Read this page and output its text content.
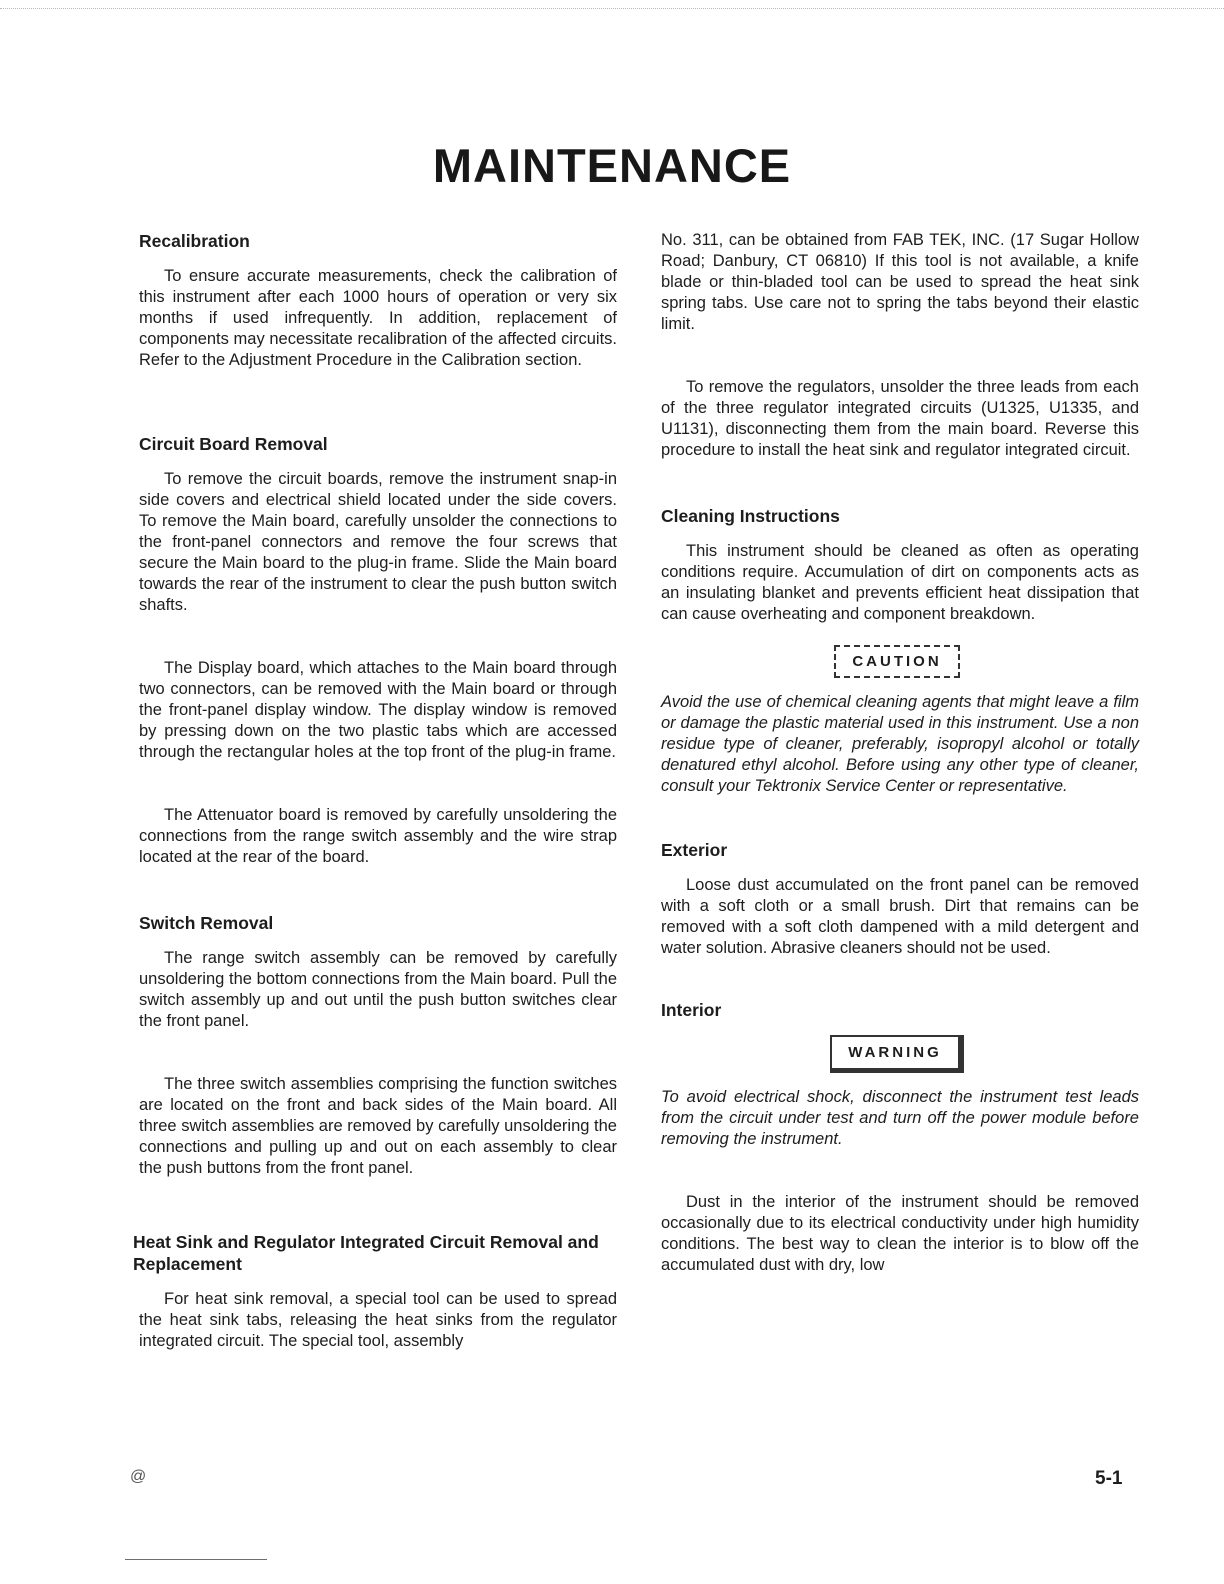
MAINTENANCE
Recalibration

To ensure accurate measurements, check the calibration of this instrument after each 1000 hours of operation or very six months if used infrequently. In addition, replacement of components may necessitate recalibration of the affected circuits. Refer to the Adjustment Procedure in the Calibration section.

Circuit Board Removal

To remove the circuit boards, remove the instrument snap-in side covers and electrical shield located under the side covers. To remove the Main board, carefully unsolder the connections to the front-panel connectors and remove the four screws that secure the Main board to the plug-in frame. Slide the Main board towards the rear of the instrument to clear the push button switch shafts.

The Display board, which attaches to the Main board through two connectors, can be removed with the Main board or through the front-panel display window. The display window is removed by pressing down on the two plastic tabs which are accessed through the rectangular holes at the top front of the plug-in frame.

The Attenuator board is removed by carefully unsoldering the connections from the range switch assembly and the wire strap located at the rear of the board.

Switch Removal

The range switch assembly can be removed by carefully unsoldering the bottom connections from the Main board. Pull the switch assembly up and out until the push button switches clear the front panel.

The three switch assemblies comprising the function switches are located on the front and back sides of the Main board. All three switch assemblies are removed by carefully unsoldering the connections and pulling up and out on each assembly to clear the push buttons from the front panel.

Heat Sink and Regulator Integrated Circuit Removal and Replacement

For heat sink removal, a special tool can be used to spread the heat sink tabs, releasing the heat sinks from the regulator integrated circuit. The special tool, assembly

No. 311, can be obtained from FAB TEK, INC. (17 Sugar Hollow Road; Danbury, CT 06810) If this tool is not available, a knife blade or thin-bladed tool can be used to spread the heat sink spring tabs. Use care not to spring the tabs beyond their elastic limit.

To remove the regulators, unsolder the three leads from each of the three regulator integrated circuits (U1325, U1335, and U1131), disconnecting them from the main board. Reverse this procedure to install the heat sink and regulator integrated circuit.

Cleaning Instructions

This instrument should be cleaned as often as operating conditions require. Accumulation of dirt on components acts as an insulating blanket and prevents efficient heat dissipation that can cause overheating and component breakdown.

CAUTION

Avoid the use of chemical cleaning agents that might leave a film or damage the plastic material used in this instrument. Use a non residue type of cleaner, preferably, isopropyl alcohol or totally denatured ethyl alcohol. Before using any other type of cleaner, consult your Tektronix Service Center or representative.

Exterior

Loose dust accumulated on the front panel can be removed with a soft cloth or a small brush. Dirt that remains can be removed with a soft cloth dampened with a mild detergent and water solution. Abrasive cleaners should not be used.

Interior
WARNING

To avoid electrical shock, disconnect the instrument test leads from the circuit under test and turn off the power module before removing the instrument.

Dust in the interior of the instrument should be removed occasionally due to its electrical conductivity under high humidity conditions. The best way to clean the interior is to blow off the accumulated dust with dry, low

@	5-1
